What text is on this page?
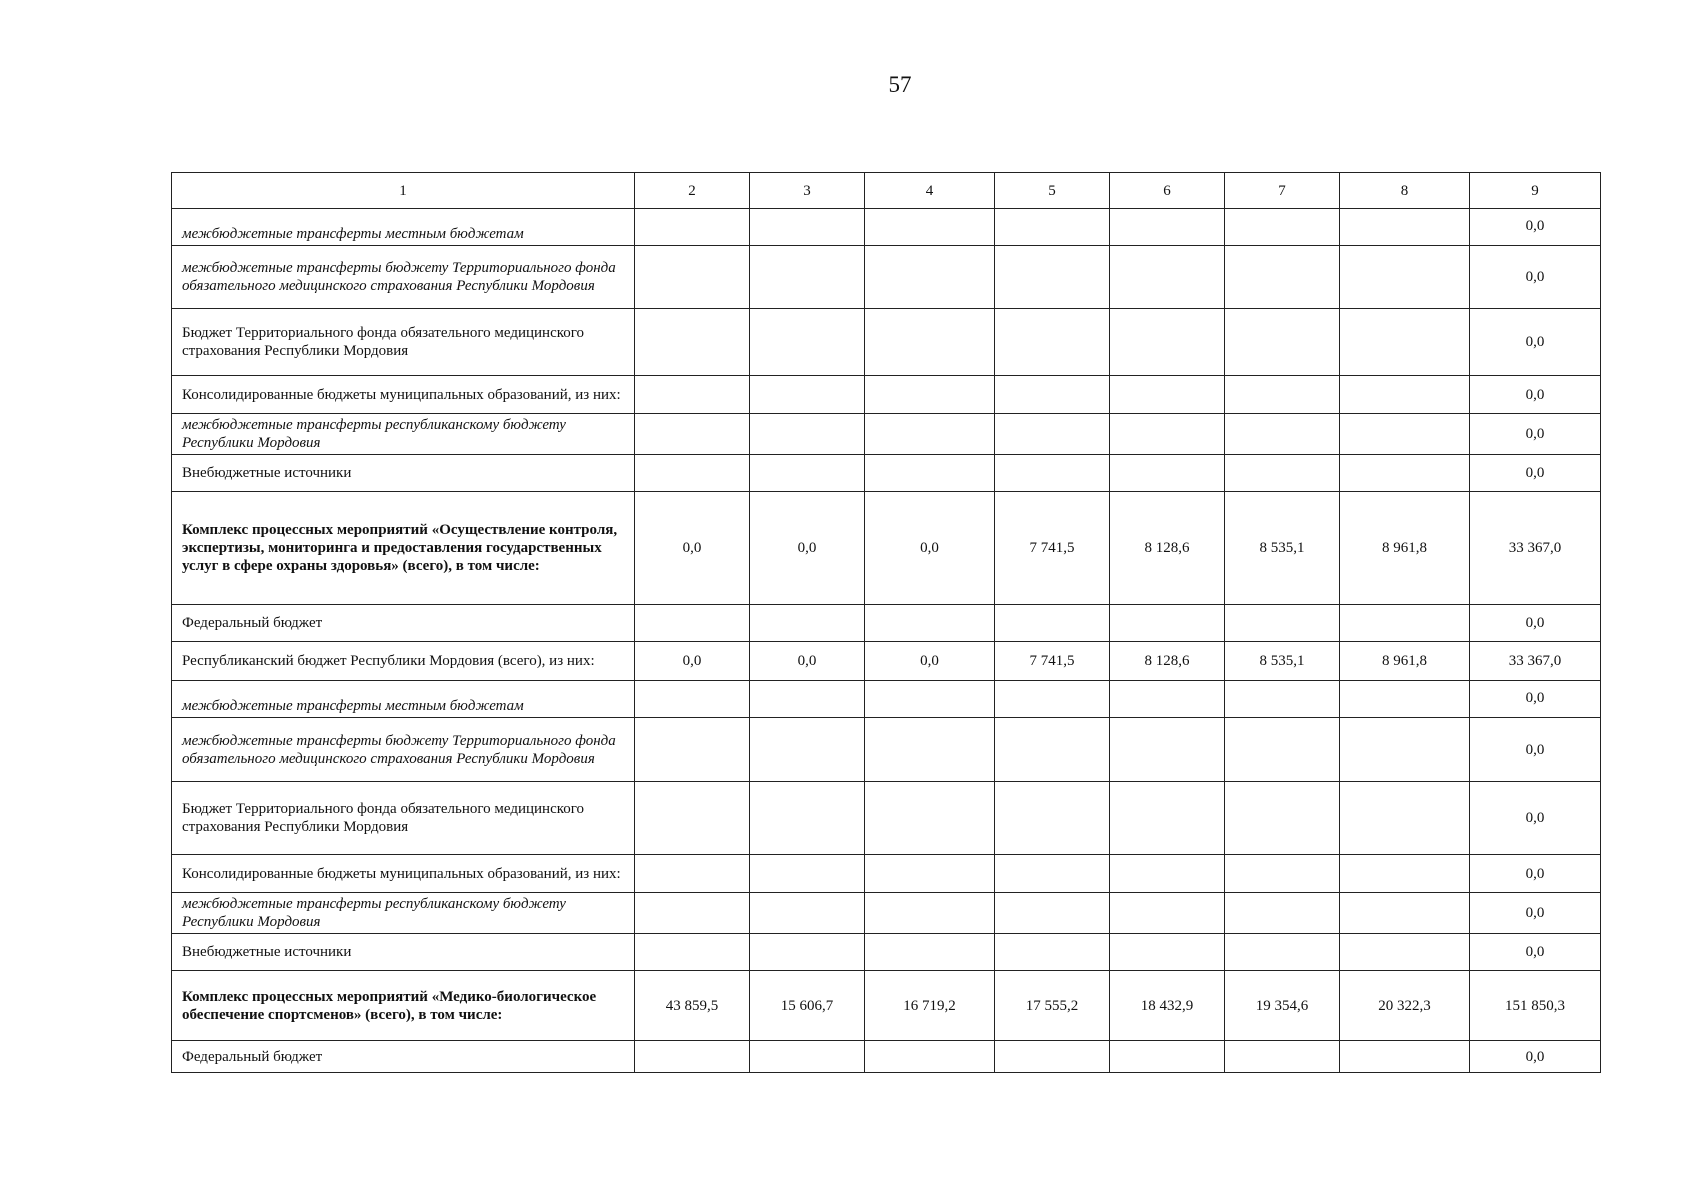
57
1	2	3	4	5	6	7	8	9
межбюджетные трансферты местным бюджетам								0,0
межбюджетные трансферты бюджету Территориального фонда обязательного медицинского страхования Республики Мордовия								0,0
Бюджет Территориального фонда обязательного медицинского страхования Республики Мордовия								0,0
Консолидированные бюджеты муниципальных образований, из них:								0,0
межбюджетные трансферты республиканскому бюджету Республики Мордовия								0,0
Внебюджетные источники								0,0
Комплекс процессных мероприятий «Осуществление контроля, экспертизы, мониторинга и предоставления государственных услуг в сфере охраны здоровья» (всего), в том числе:	0,0	0,0	0,0	7 741,5	8 128,6	8 535,1	8 961,8	33 367,0
Федеральный бюджет								0,0
Республиканский бюджет Республики Мордовия (всего), из них:	0,0	0,0	0,0	7 741,5	8 128,6	8 535,1	8 961,8	33 367,0
межбюджетные трансферты местным бюджетам								0,0
межбюджетные трансферты бюджету Территориального фонда обязательного медицинского страхования Республики Мордовия								0,0
Бюджет Территориального фонда обязательного медицинского страхования Республики Мордовия								0,0
Консолидированные бюджеты муниципальных образований, из них:								0,0
межбюджетные трансферты республиканскому бюджету Республики Мордовия								0,0
Внебюджетные источники								0,0
Комплекс процессных мероприятий «Медико-биологическое обеспечение спортсменов» (всего), в том числе:	43 859,5	15 606,7	16 719,2	17 555,2	18 432,9	19 354,6	20 322,3	151 850,3
Федеральный бюджет								0,0
